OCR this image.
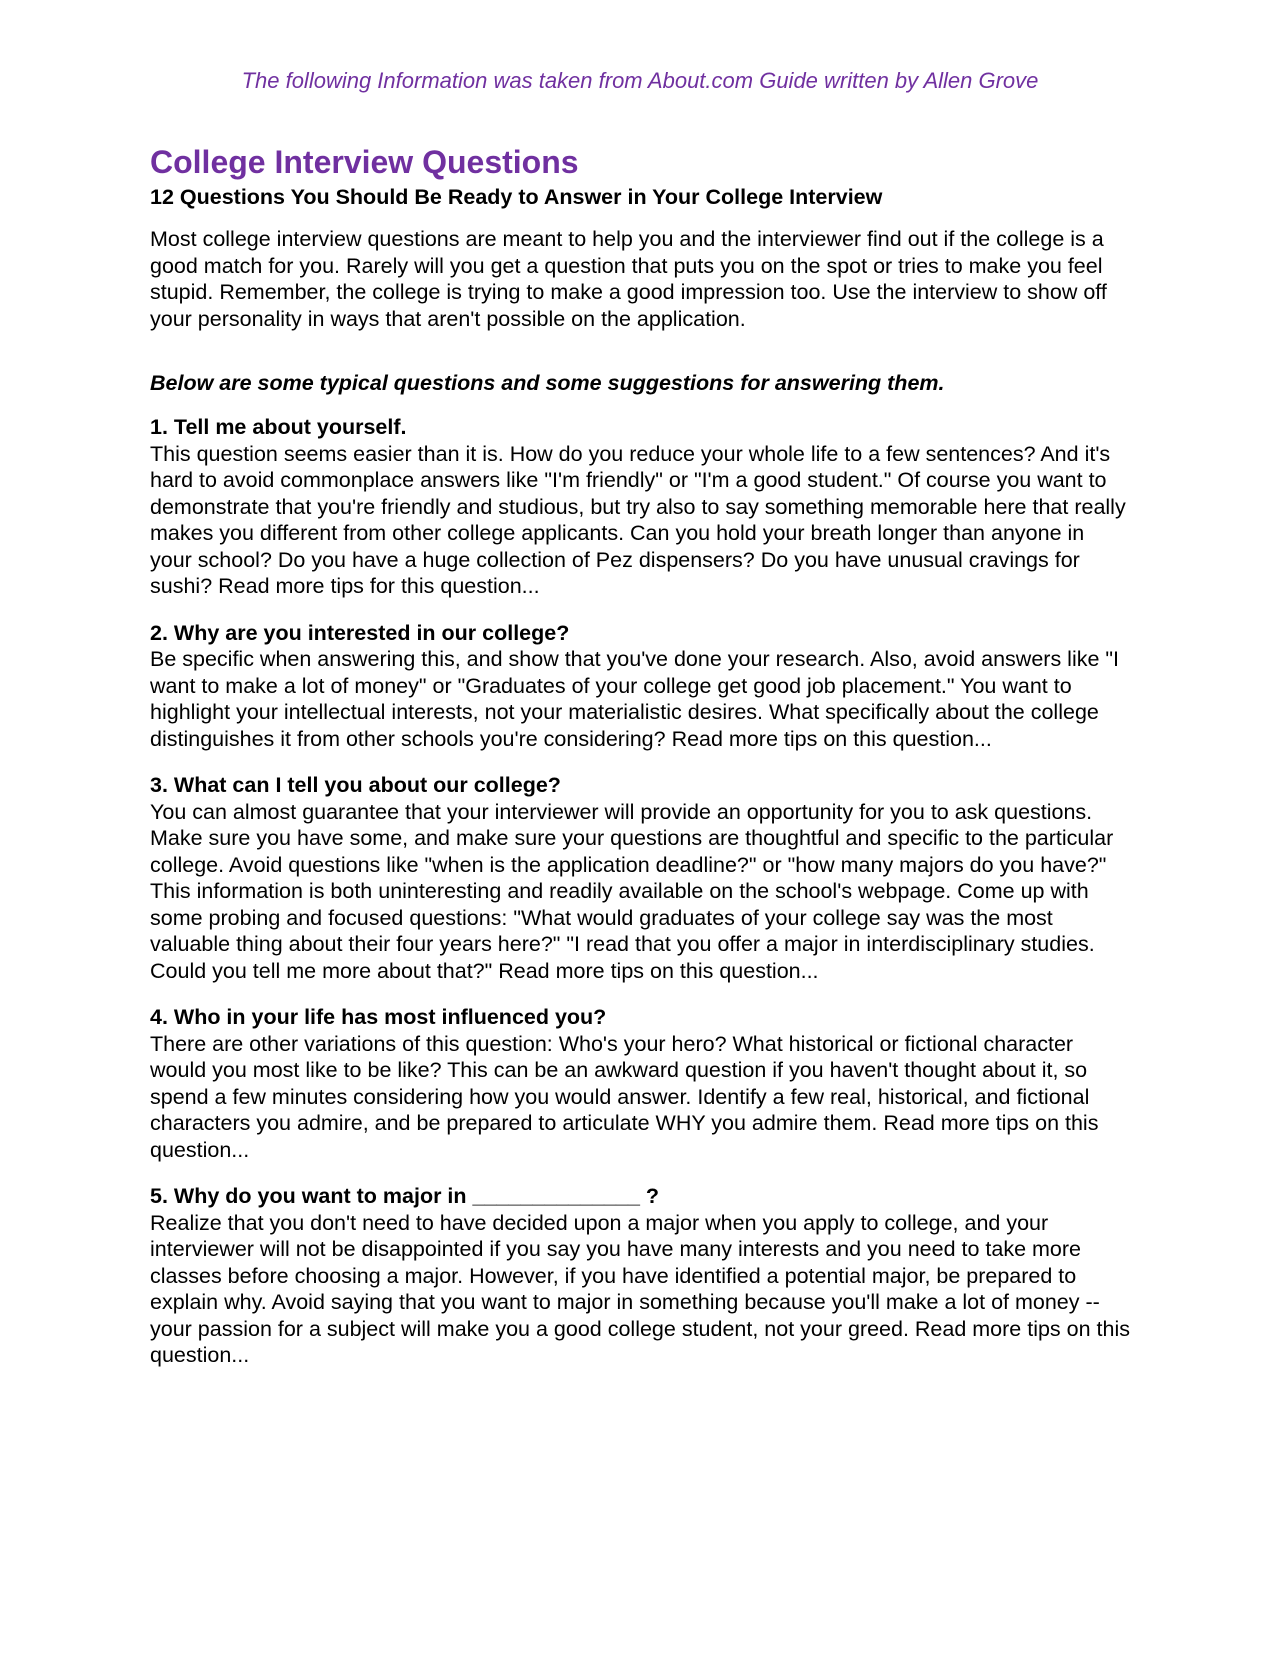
The following Information was taken from About.com Guide written by Allen Grove

College Interview Questions
12 Questions You Should Be Ready to Answer in Your College Interview

Most college interview questions are meant to help you and the interviewer find out if the college is a good match for you. Rarely will you get a question that puts you on the spot or tries to make you feel stupid. Remember, the college is trying to make a good impression too. Use the interview to show off your personality in ways that aren't possible on the application.

Below are some typical questions and some suggestions for answering them.

1. Tell me about yourself.

This question seems easier than it is. How do you reduce your whole life to a few sentences? And it's hard to avoid commonplace answers like "I'm friendly" or "I'm a good student." Of course you want to demonstrate that you're friendly and studious, but try also to say something memorable here that really makes you different from other college applicants. Can you hold your breath longer than anyone in your school? Do you have a huge collection of Pez dispensers? Do you have unusual cravings for sushi? Read more tips for this question...

2. Why are you interested in our college?

Be specific when answering this, and show that you've done your research. Also, avoid answers like "I want to make a lot of money" or "Graduates of your college get good job placement." You want to highlight your intellectual interests, not your materialistic desires. What specifically about the college distinguishes it from other schools you're considering? Read more tips on this question...

3. What can I tell you about our college?

You can almost guarantee that your interviewer will provide an opportunity for you to ask questions. Make sure you have some, and make sure your questions are thoughtful and specific to the particular college. Avoid questions like "when is the application deadline?" or "how many majors do you have?" This information is both uninteresting and readily available on the school's webpage. Come up with some probing and focused questions: "What would graduates of your college say was the most valuable thing about their four years here?" "I read that you offer a major in interdisciplinary studies. Could you tell me more about that?" Read more tips on this question...

4. Who in your life has most influenced you?

There are other variations of this question: Who's your hero? What historical or fictional character would you most like to be like? This can be an awkward question if you haven't thought about it, so spend a few minutes considering how you would answer. Identify a few real, historical, and fictional characters you admire, and be prepared to articulate WHY you admire them. Read more tips on this question...

5. Why do you want to major in ______________ ?

Realize that you don't need to have decided upon a major when you apply to college, and your interviewer will not be disappointed if you say you have many interests and you need to take more classes before choosing a major. However, if you have identified a potential major, be prepared to explain why. Avoid saying that you want to major in something because you'll make a lot of money -- your passion for a subject will make you a good college student, not your greed. Read more tips on this question...
